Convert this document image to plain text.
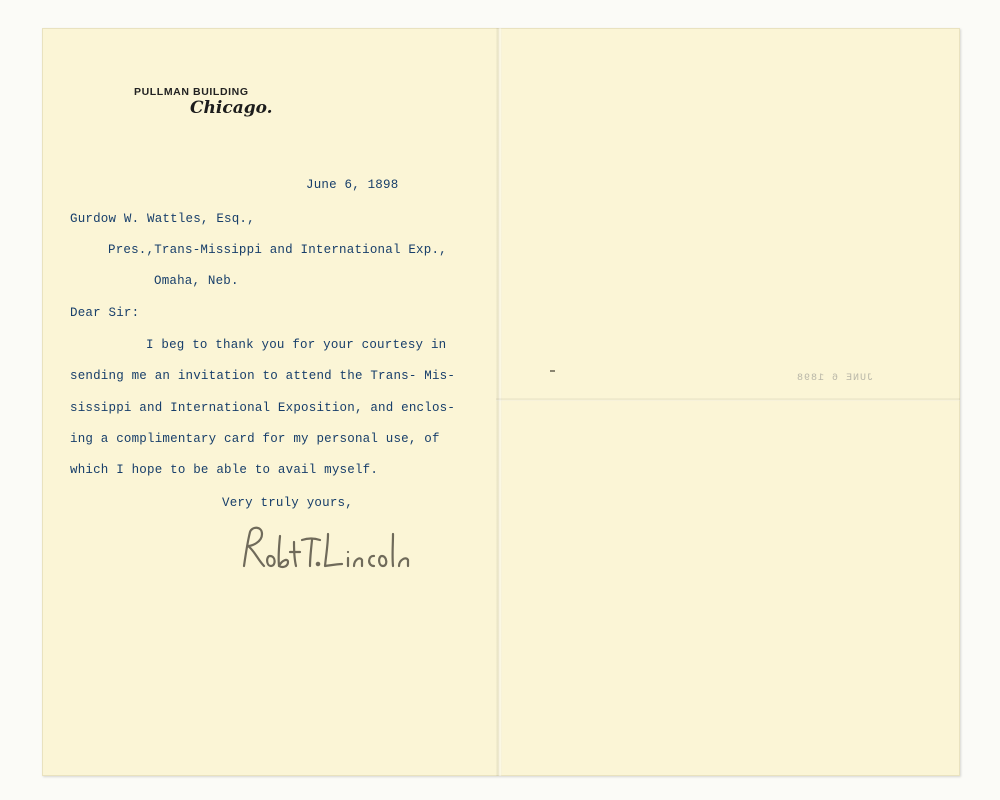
PULLMAN BUILDING
Chicago.
June 6, 1898
Gurdow W. Wattles, Esq.,
Pres.,Trans-Missippi and International Exp.,
Omaha, Neb.
Dear Sir:
I beg to thank you for your courtesy in
sending me an invitation to attend the Trans- Mis-
sissippi and International Exposition, and enclos-
ing a complimentary card for my personal use, of
which I hope to be able to avail myself.
Very truly yours,
JUNE 6 1898
